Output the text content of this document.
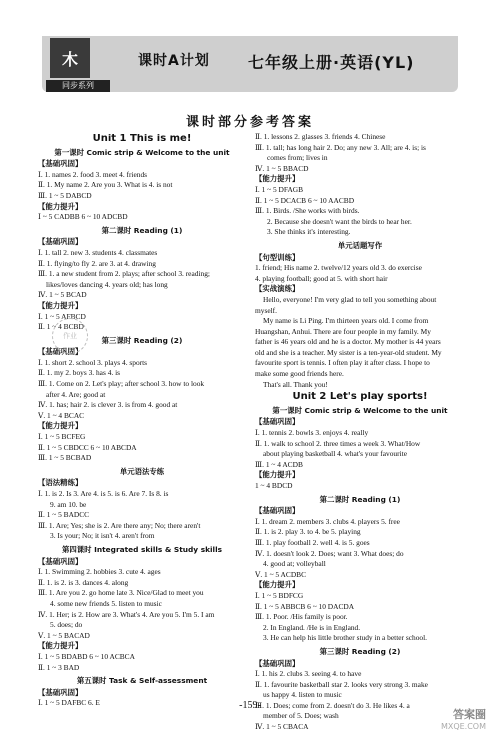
木
同步系列
课时A计划 七年级上册·英语(YL)
课时部分参考答案
Unit 1 This is me!
第一课时 Comic strip & Welcome to the unit
【基础巩固】
Ⅰ. 1. names 2. food 3. meet 4. friends
Ⅱ. 1. My name 2. Are you 3. What is 4. is not
Ⅲ. 1 ~ 5 DABCD
【能力提升】
Ⅰ ~ 5 CADBB 6 ~ 10 ADCBD
第二课时 Reading (1)
【基础巩固】
Ⅰ. 1. tall 2. new 3. students 4. classmates
Ⅱ. 1. flying/to fly 2. are 3. at 4. drawing
Ⅲ. 1. a new student from 2. plays; after school 3. reading;
likes/loves dancing 4. years old; has long
Ⅳ. 1 ~ 5 BCAD
【能力提升】
Ⅰ. 1 ~ 5 AFBCD
Ⅱ. 1 ~ 4 BCBD
第三课时 Reading (2)
【基础巩固】
Ⅰ. 1. short 2. school 3. plays 4. sports
Ⅱ. 1. my 2. boys 3. has 4. is
Ⅲ. 1. Come on 2. Let's play; after school 3. how to look
after 4. Are; good at
Ⅳ. 1. has; hair 2. is clever 3. is from 4. good at
Ⅴ. 1 ~ 4 BCAC
【能力提升】
Ⅰ. 1 ~ 5 BCFEG
Ⅱ. 1 ~ 5 CBDCC 6 ~ 10 ABCDA
Ⅲ. 1 ~ 5 BCBAD
单元语法专练
【语法精练】
Ⅰ. 1. is 2. Is 3. Are 4. is 5. is 6. Are 7. Is 8. is
9. am 10. be
Ⅱ. 1 ~ 5 BADCC
Ⅲ. 1. Are; Yes; she is 2. Are there any; No; there aren't
3. Is your; No; it isn't 4. aren't from
第四课时 Integrated skills & Study skills
【基础巩固】
Ⅰ. 1. Swimming 2. hobbies 3. cute 4. ages
Ⅱ. 1. is 2. is 3. dances 4. along
Ⅲ. 1. Are you 2. go home late 3. Nice/Glad to meet you
4. some new friends 5. listen to music
Ⅳ. 1. Her; is 2. How are 3. What's 4. Are you 5. I'm 5. I am
5. does; do
Ⅴ. 1 ~ 5 BACAD
【能力提升】
Ⅰ. 1 ~ 5 BDABD 6 ~ 10 ACBCA
Ⅱ. 1 ~ 3 BAD
第五课时 Task & Self-assessment
【基础巩固】
Ⅰ. 1 ~ 5 DAFBC 6. E
Ⅱ. 1. lessons 2. glasses 3. friends 4. Chinese
Ⅲ. 1. tall; has long hair 2. Do; any new 3. All; are 4. is; is
comes from; lives in
Ⅳ. 1 ~ 5 BBACD
【能力提升】
Ⅰ. 1 ~ 5 DFAGB
Ⅱ. 1 ~ 5 DCACB 6 ~ 10 AACBD
Ⅲ. 1. Birds. /She works with birds.
2. Because she doesn't want the birds to hear her.
3. She thinks it's interesting.
单元话题写作
【句型训练】
1. friend; His name 2. twelve/12 years old 3. do exercise
4. playing football; good at 5. with short hair
【实战演练】
Hello, everyone! I'm very glad to tell you something about
myself.
My name is Li Ping. I'm thirteen years old. I come from
Huangshan, Anhui. There are four people in my family. My
father is 46 years old and he is a doctor. My mother is 44 years
old and she is a teacher. My sister is a ten-year-old student. My
favourite sport is tennis. I often play it after class. I hope to
make some good friends here.
That's all. Thank you!
Unit 2 Let's play sports!
第一课时 Comic strip & Welcome to the unit
【基础巩固】
Ⅰ. 1. tennis 2. bowls 3. enjoys 4. really
Ⅱ. 1. walk to school 2. three times a week 3. What/How
about playing basketball 4. what's your favourite
Ⅲ. 1 ~ 4 ACDB
【能力提升】
1 ~ 4 BDCD
第二课时 Reading (1)
【基础巩固】
Ⅰ. 1. dream 2. members 3. clubs 4. players 5. free
Ⅱ. 1. is 2. play 3. to 4. be 5. playing
Ⅲ. 1. play football 2. well 4. is 5. goes
Ⅳ. 1. doesn't look 2. Does; want 3. What does; do
4. good at; volleyball
Ⅴ. 1 ~ 5 ACDBC
【能力提升】
Ⅰ. 1 ~ 5 BDFCG
Ⅱ. 1 ~ 5 ABBCB 6 ~ 10 DACDA
Ⅲ. 1. Poor. /His family is poor.
2. In England. /He is in England.
3. He can help his little brother study in a better school.
第三课时 Reading (2)
【基础巩固】
Ⅰ. 1. his 2. clubs 3. seeing 4. to have
Ⅱ. 1. favourite basketball star 2. looks very strong 3. make
us happy 4. listen to music
Ⅲ. 1. Does; come from 2. doesn't do 3. He likes 4. a
member of 5. Does; wash
Ⅳ. 1 ~ 5 CBACA
作业
-159-
答案圈
MXQE.COM
